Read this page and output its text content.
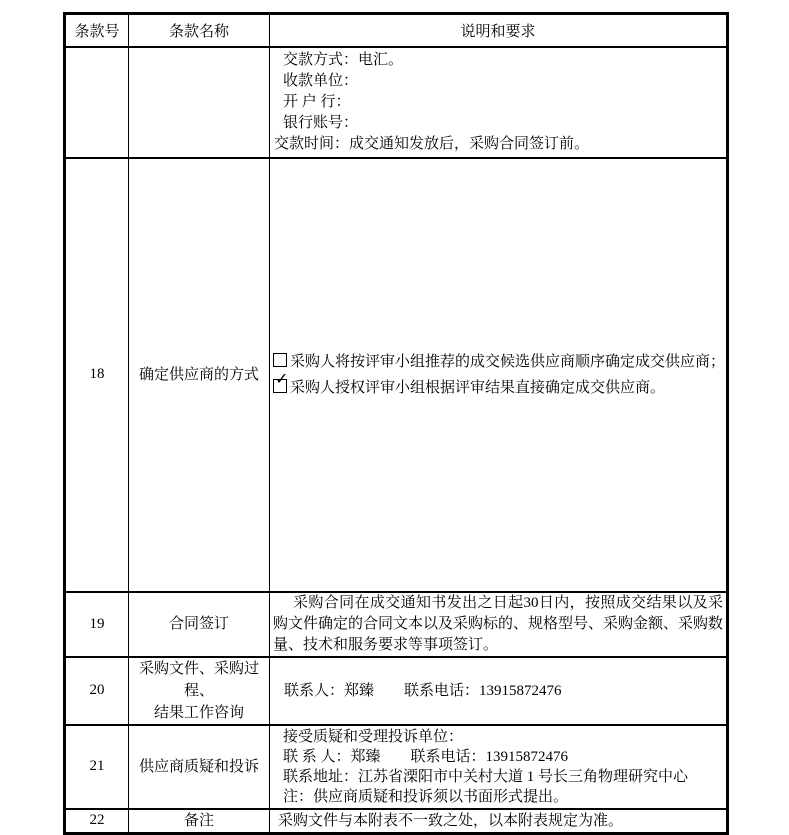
条款号	条款名称	说明和要求

		交款方式：电汇。
收款单位：
开 户 行：
银行账号：
交款时间：成交通知发放后，采购合同签订前。

18	确定供应商的方式	采购人将按评审小组推荐的成交候选供应商顺序确定成交供应商；
✓ 采购人授权评审小组根据评审结果直接确定成交供应商。

19	合同签订	采购合同在成交通知书发出之日起30日内，按照成交结果以及采购文件确定的合同文本以及采购标的、规格型号、采购金额、采购数量、技术和服务要求等事项签订。

20	采购文件、采购过程、
结果工作咨询	联系人：郑臻　　联系电话：13915872476

21	供应商质疑和投诉	接受质疑和受理投诉单位：
联 系 人：郑臻　　联系电话：13915872476
联系地址：江苏省溧阳市中关村大道 1 号长三角物理研究中心
注：供应商质疑和投诉须以书面形式提出。

22	备注	采购文件与本附表不一致之处，以本附表规定为准。
